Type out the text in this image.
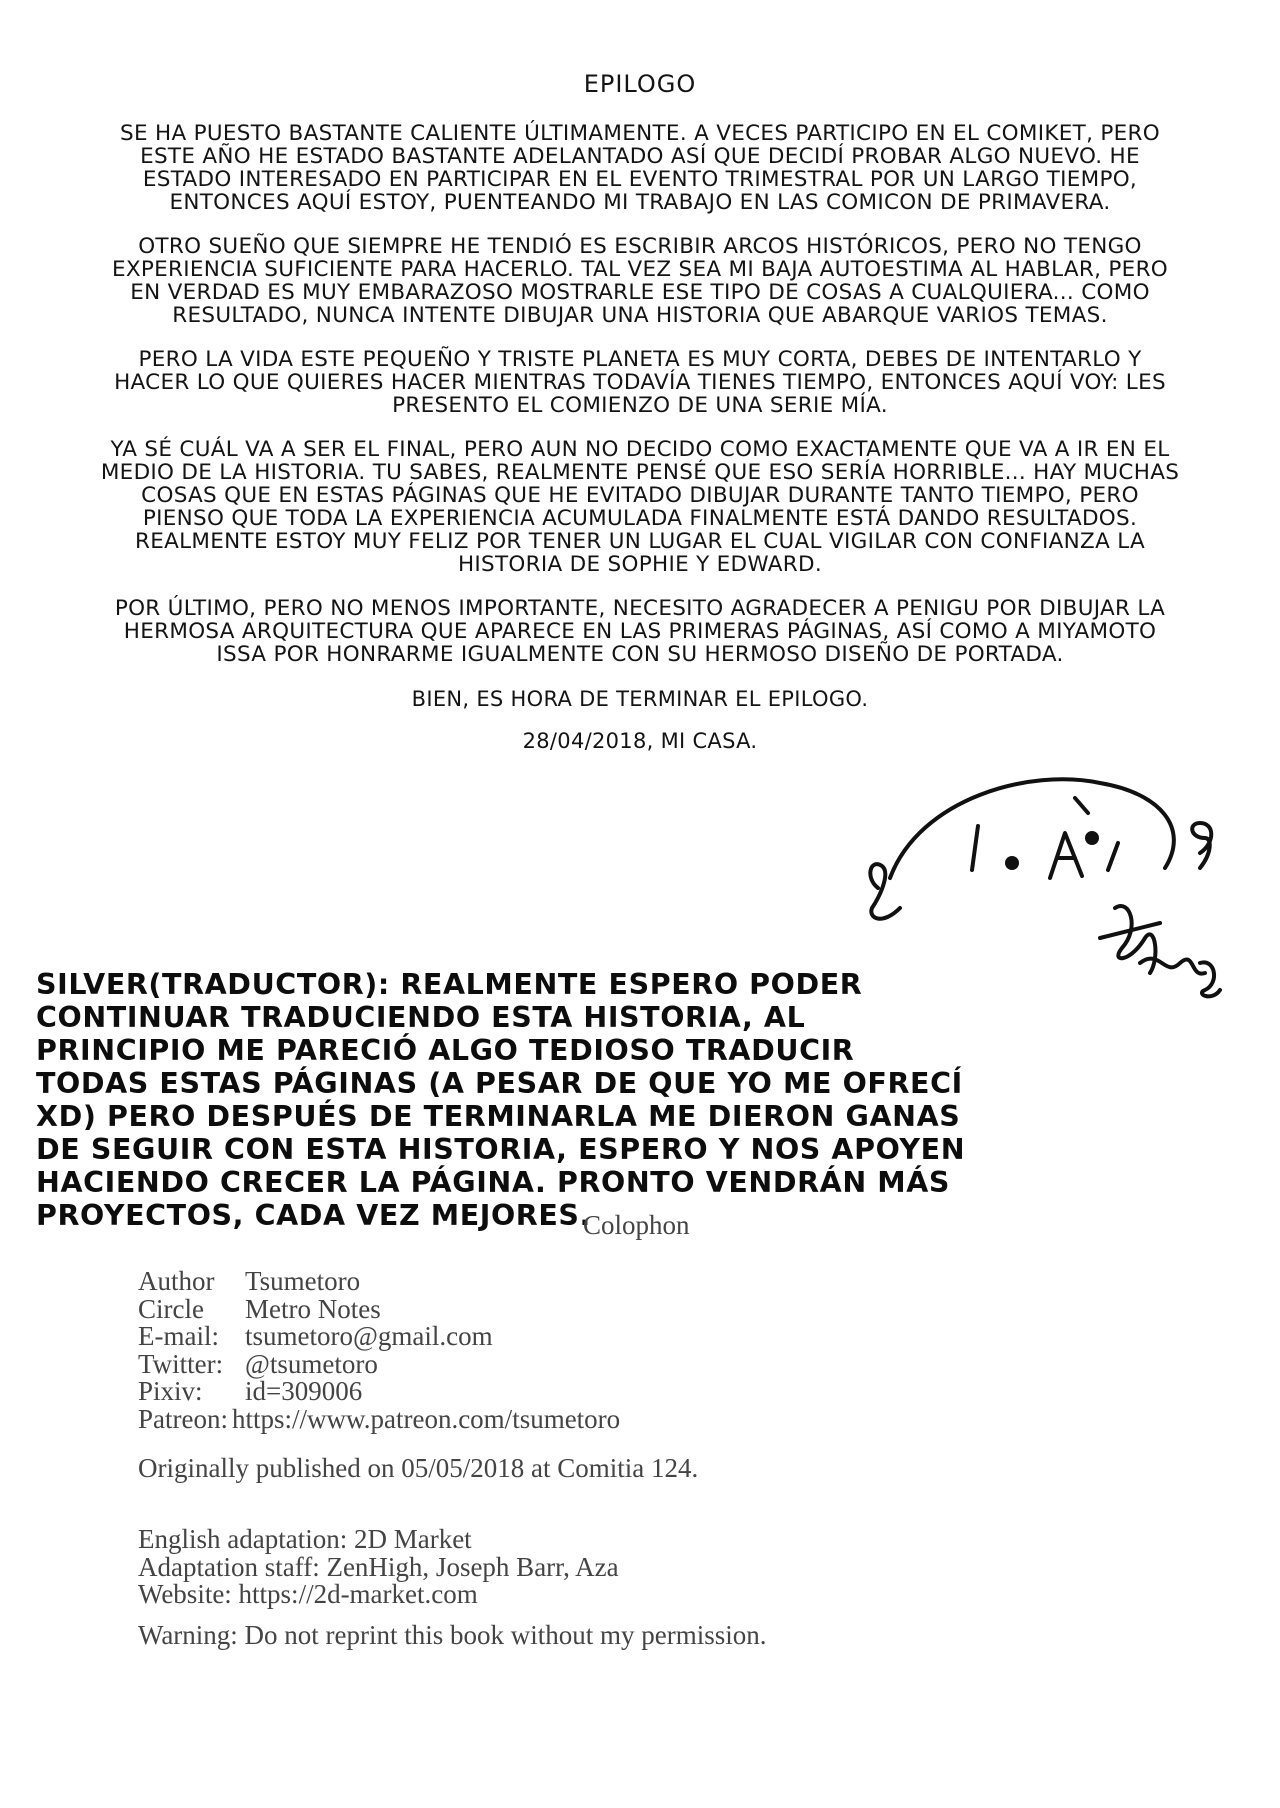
EPILOGO

SE HA PUESTO BASTANTE CALIENTE ÚLTIMAMENTE. A VECES PARTICIPO EN EL COMIKET, PERO ESTE AÑO HE ESTADO BASTANTE ADELANTADO ASÍ QUE DECIDÍ PROBAR ALGO NUEVO. HE ESTADO INTERESADO EN PARTICIPAR EN EL EVENTO TRIMESTRAL POR UN LARGO TIEMPO, ENTONCES AQUÍ ESTOY, PUENTEANDO MI TRABAJO EN LAS COMICON DE PRIMAVERA.

OTRO SUEÑO QUE SIEMPRE HE TENDIÓ ES ESCRIBIR ARCOS HISTÓRICOS, PERO NO TENGO EXPERIENCIA SUFICIENTE PARA HACERLO. TAL VEZ SEA MI BAJA AUTOESTIMA AL HABLAR, PERO EN VERDAD ES MUY EMBARAZOSO MOSTRARLE ESE TIPO DE COSAS A CUALQUIERA... COMO RESULTADO, NUNCA INTENTE DIBUJAR UNA HISTORIA QUE ABARQUE VARIOS TEMAS.

PERO LA VIDA ESTE PEQUEÑO Y TRISTE PLANETA ES MUY CORTA, DEBES DE INTENTARLO Y HACER LO QUE QUIERES HACER MIENTRAS TODAVÍA TIENES TIEMPO, ENTONCES AQUÍ VOY: LES PRESENTO EL COMIENZO DE UNA SERIE MÍA.

YA SÉ CUÁL VA A SER EL FINAL, PERO AUN NO DECIDO COMO EXACTAMENTE QUE VA A IR EN EL MEDIO DE LA HISTORIA. TU SABES, REALMENTE PENSÉ QUE ESO SERÍA HORRIBLE... HAY MUCHAS COSAS QUE EN ESTAS PÁGINAS QUE HE EVITADO DIBUJAR DURANTE TANTO TIEMPO, PERO PIENSO QUE TODA LA EXPERIENCIA ACUMULADA FINALMENTE ESTÁ DANDO RESULTADOS. REALMENTE ESTOY MUY FELIZ POR TENER UN LUGAR EL CUAL VIGILAR CON CONFIANZA LA HISTORIA DE SOPHIE Y EDWARD.

POR ÚLTIMO, PERO NO MENOS IMPORTANTE, NECESITO AGRADECER A PENIGU POR DIBUJAR LA HERMOSA ARQUITECTURA QUE APARECE EN LAS PRIMERAS PÁGINAS, ASÍ COMO A MIYAMOTO ISSA POR HONRARME IGUALMENTE CON SU HERMOSO DISEÑO DE PORTADA.

BIEN, ES HORA DE TERMINAR EL EPILOGO.

28/04/2018, MI CASA.

SILVER(TRADUCTOR): REALMENTE ESPERO PODER CONTINUAR TRADUCIENDO ESTA HISTORIA, AL PRINCIPIO ME PARECIÓ ALGO TEDIOSO TRADUCIR TODAS ESTAS PÁGINAS (A PESAR DE QUE YO ME OFRECÍ XD) PERO DESPUÉS DE TERMINARLA ME DIERON GANAS DE SEGUIR CON ESTA HISTORIA, ESPERO Y NOS APOYEN HACIENDO CRECER LA PÁGINA. PRONTO VENDRÁN MÁS PROYECTOS, CADA VEZ MEJORES.
Colophon
Author	Tsumetoro
Circle	Metro Notes
E-mail: tsumetoro@gmail.com
Twitter: @tsumetoro
Pixiv:	id=309006
Patreon: https://www.patreon.com/tsumetoro
Originally published on 05/05/2018 at Comitia 124.
English adaptation: 2D Market
Adaptation staff: ZenHigh, Joseph Barr, Aza
Website: https://2d-market.com
Warning: Do not reprint this book without my permission.
